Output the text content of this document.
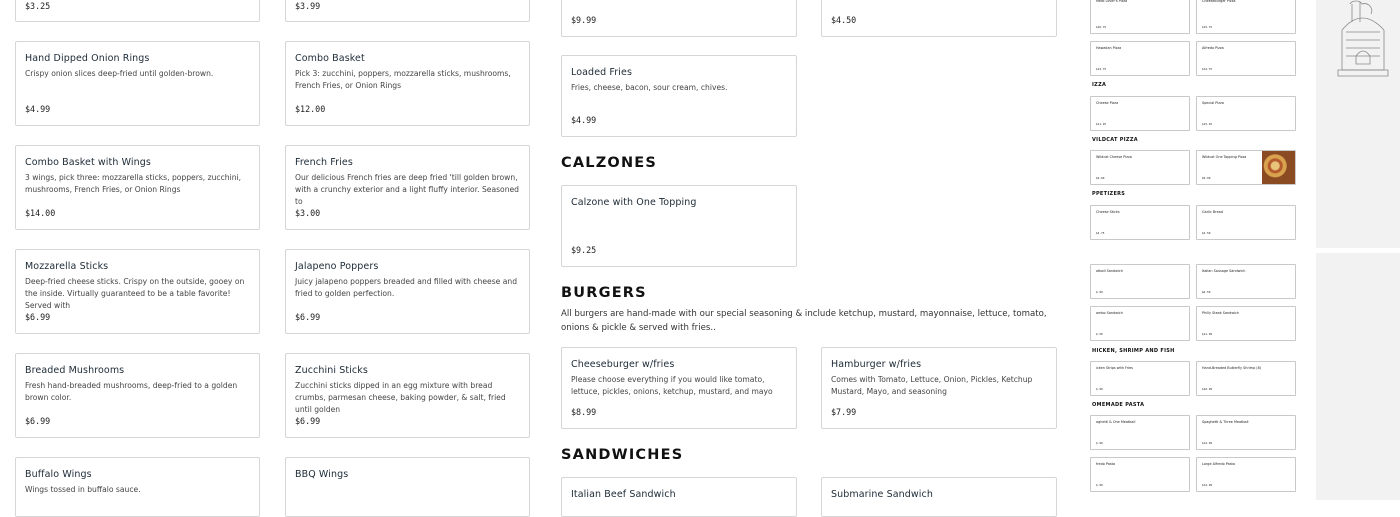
$3.25
Hand Dipped Onion Rings
Crispy onion slices deep-fried until golden-brown.
$4.99
Combo Basket with Wings
3 wings, pick three: mozzarella sticks, poppers, zucchini, mushrooms, French Fries, or Onion Rings
$14.00
Mozzarella Sticks
Deep-fried cheese sticks. Crispy on the outside, gooey on the inside. Virtually guaranteed to be a table favorite! Served with
$6.99
Breaded Mushrooms
Fresh hand-breaded mushrooms, deep-fried to a golden brown color.
$6.99
Buffalo Wings
Wings tossed in buffalo sauce.
$3.99
Combo Basket
Pick 3: zucchini, poppers, mozzarella sticks, mushrooms, French Fries, or Onion Rings
$12.00
French Fries
Our delicious French fries are deep fried 'till golden brown, with a crunchy exterior and a light fluffy interior. Seasoned to
$3.00
Jalapeno Poppers
Juicy jalapeno poppers breaded and filled with cheese and fried to golden perfection.
$6.99
Zucchini Sticks
Zucchini sticks dipped in an egg mixture with bread crumbs, parmesan cheese, baking powder, & salt, fried until golden
$6.99
BBQ Wings
$9.99	$4.50
Loaded Fries
Fries, cheese, bacon, sour cream, chives.
$4.99
CALZONES
Calzone with One Topping
$9.25
BURGERS
All burgers are hand-made with our special seasoning & include ketchup, mustard, mayonnaise, lettuce, tomato, onions & pickle & served with fries..
Cheeseburger w/fries
Please choose everything if you would like tomato, lettuce, pickles, onions, ketchup, mustard, and mayo
$8.99
Hamburger w/fries
Comes with Tomato, Lettuce, Onion, Pickles, Ketchup Mustard, Mayo, and seasoning
$7.99
SANDWICHES
Italian Beef Sandwich	Submarine Sandwich
IZZA
VILDCAT PIZZA
PPETIZERS
HICKEN, SHRIMP AND FISH
OMEMADE PASTA
Meat Lover's Pizza
$16.75
Cheeseburger Pizza
$15.75
Hawaiian Pizza
$12.75
Alfredo Pizza
$14.75
Cheese Pizza
$11.25
Special Pizza
$15.25
Wildcat Cheese Pizza
$9.99
Wildcat One Topping Pizza
$9.99
Cheese Sticks
$4.75
Garlic Bread
$2.50
atball Sandwich
$.99
Italian Sausage Sandwich
$6.50
ombo Sandwich
$.50
Philly Steak Sandwich
$11.99
icken Strips with Fries
$.99
Hand-Breaded Butterfly Shrimp (8)
$10.99
aghetti & One Meatball
$.99
Spaghetti & Three Meatball
$12.99
fredo Pasta
$.99
Large Alfredo Pasta
$14.99
